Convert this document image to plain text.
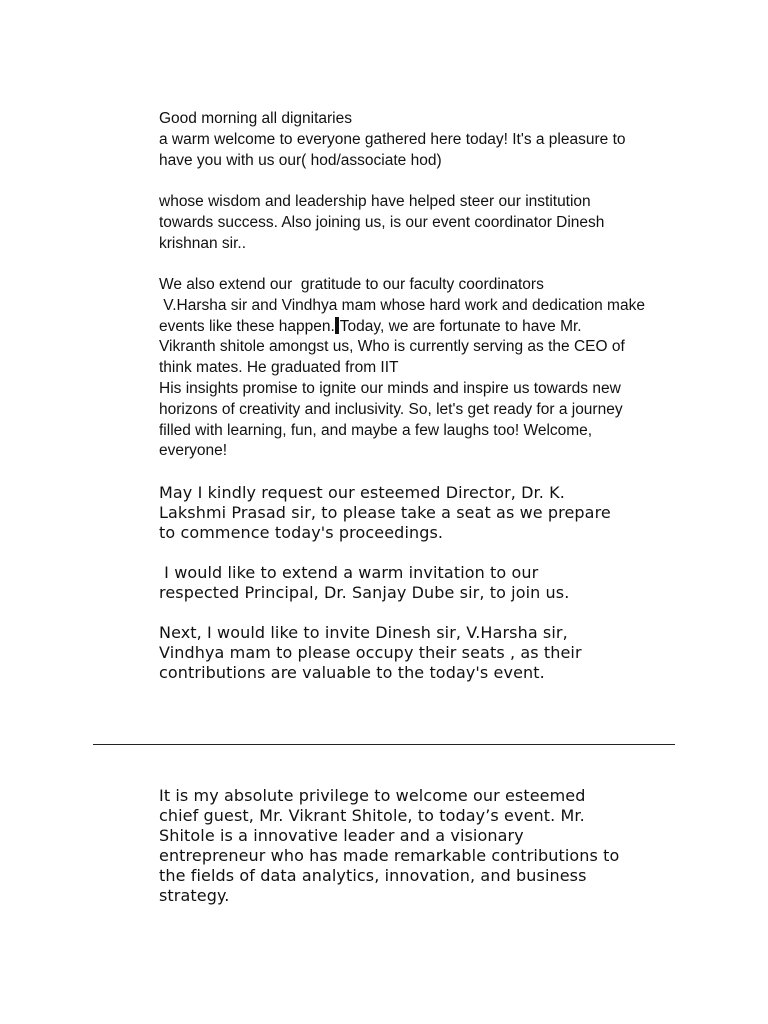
Good morning all dignitaries
a warm welcome to everyone gathered here today! It's a pleasure to
have you with us our( hod/associate hod)
whose wisdom and leadership have helped steer our institution
towards success. Also joining us, is our event coordinator Dinesh
krishnan sir..
We also extend our  gratitude to our faculty coordinators
V.Harsha sir and Vindhya mam whose hard work and dedication make
events like these happen. Today, we are fortunate to have Mr.
Vikranth shitole amongst us, Who is currently serving as the CEO of
think mates. He graduated from IIT
His insights promise to ignite our minds and inspire us towards new
horizons of creativity and inclusivity. So, let's get ready for a journey
filled with learning, fun, and maybe a few laughs too! Welcome,
everyone!
May I kindly request our esteemed Director, Dr. K.
Lakshmi Prasad sir, to please take a seat as we prepare
to commence today's proceedings.
I would like to extend a warm invitation to our
respected Principal, Dr. Sanjay Dube sir, to join us.
Next, I would like to invite Dinesh sir, V.Harsha sir,
Vindhya mam to please occupy their seats , as their
contributions are valuable to the today's event.
It is my absolute privilege to welcome our esteemed
chief guest, Mr. Vikrant Shitole, to today’s event. Mr.
Shitole is a innovative leader and a visionary
entrepreneur who has made remarkable contributions to
the fields of data analytics, innovation, and business
strategy.
